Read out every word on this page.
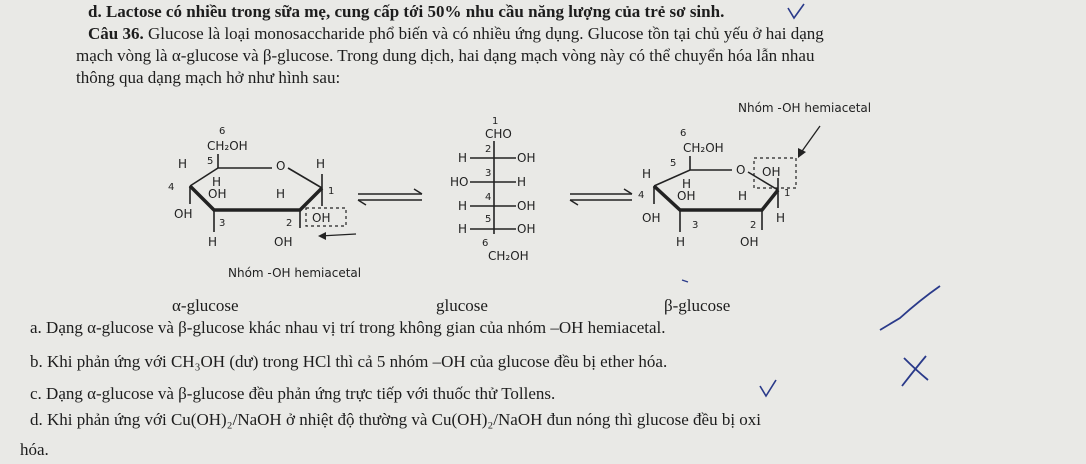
d. Lactose có nhiều trong sữa mẹ, cung cấp tới 50% nhu cầu năng lượng của trẻ sơ sinh.
Câu 36. Glucose là loại monosaccharide phổ biến và có nhiều ứng dụng. Glucose tồn tại chủ yếu ở hai dạng
mạch vòng là α-glucose và β-glucose. Trong dung dịch, hai dạng mạch vòng này có thể chuyển hóa lẫn nhau
thông qua dạng mạch hở như hình sau:
6
CH₂OH
5
H	O	H
4	H
OH	H	1
OH
3	2 OH
H	OH
Nhóm -OH hemiacetal
1
CHO
2
H	OH
3
HO	H
4
H	OH
5
H	OH
6
CH₂OH
Nhóm -OH hemiacetal
6
CH₂OH
5
H	O OH
4
H
OH	H	1
OH	H
3	2
H	OH
α-glucose	glucose	β-glucose
a. Dạng α-glucose và β-glucose khác nhau vị trí trong không gian của nhóm –OH hemiacetal.
b. Khi phản ứng với CH₃OH (dư) trong HCl thì cả 5 nhóm –OH của glucose đều bị ether hóa.
c. Dạng α-glucose và β-glucose đều phản ứng trực tiếp với thuốc thử Tollens.
d. Khi phản ứng với Cu(OH)₂/NaOH ở nhiệt độ thường và Cu(OH)₂/NaOH đun nóng thì glucose đều bị oxi
hóa.
